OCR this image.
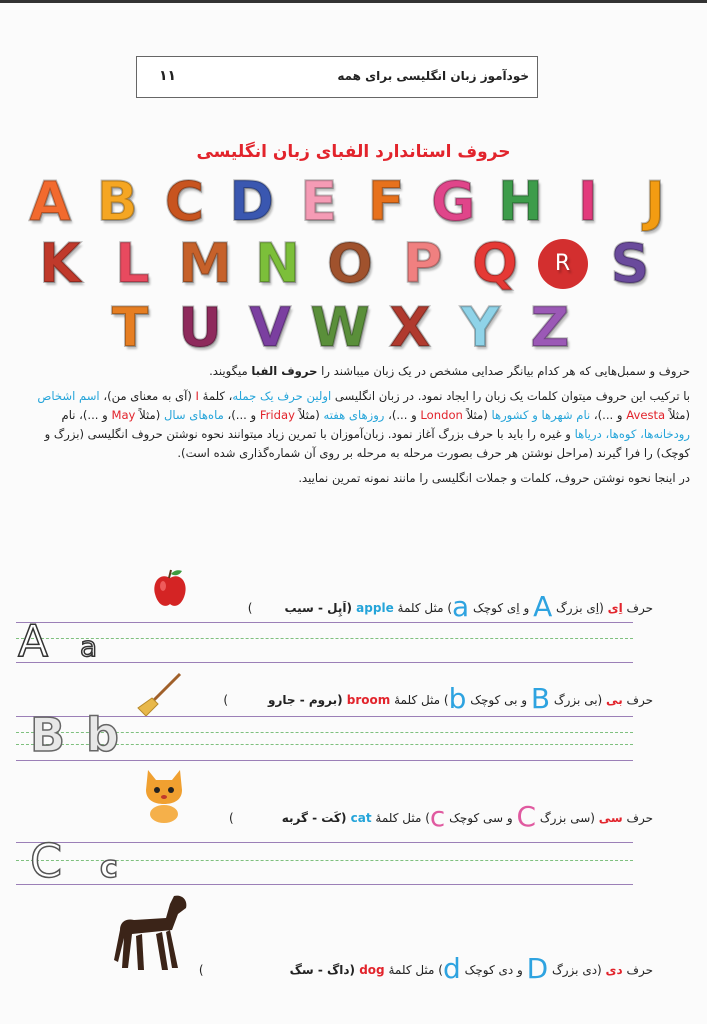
خودآموز زبان انگلیسی برای همه
۱۱
حروف استاندارد الفبای زبان انگلیسی
A B C D E F G H I J
K L M N O P Q	R S
T U V W X Y Z

حروف و سمبل‌هایی که هر کدام بیانگر صدایی مشخص در یک زبان میباشند را حروف الفبا میگویند.

با ترکیب این حروف میتوان کلمات یک زبان را ایجاد نمود. در زبان انگلیسی اولین حرف یک جمله، کلمهٔ I (آی به معنای من)، اسم اشخاص (مثلاً Avesta و ...)، نام شهرها و کشورها (مثلاً London و ...)، روزهای هفته (مثلاً Friday و ...)، ماه‌های سال (مثلاً May و ...)، نام رودخانه‌ها، کوه‌ها، دریاها و غیره را باید با حرف بزرگ آغاز نمود. زبان‌آموزان با تمرین زیاد میتوانند نحوه نوشتن حروف انگلیسی (بزرگ و کوچک) را فرا گیرند (مراحل نوشتن هر حرف بصورت مرحله به مرحله بر روی آن شماره‌گذاری شده است).

در اینجا نحوه نوشتن حروف، کلمات و جملات انگلیسی را مانند نمونه تمرین نمایید.

حرف اِی (اِی بزرگ A و اِی کوچک a) مثل کلمهٔ apple (اَپِل - سیب)
A a
حرف بی (بی بزرگ B و بی کوچک b) مثل کلمهٔ broom (بروم - جارو)
B b
حرف سی (سی بزرگ C و سی کوچک c) مثل کلمهٔ cat (کَت - گربه)
C c
حرف دی (دی بزرگ D و دی کوچک d) مثل کلمهٔ dog (داگ - سگ)
